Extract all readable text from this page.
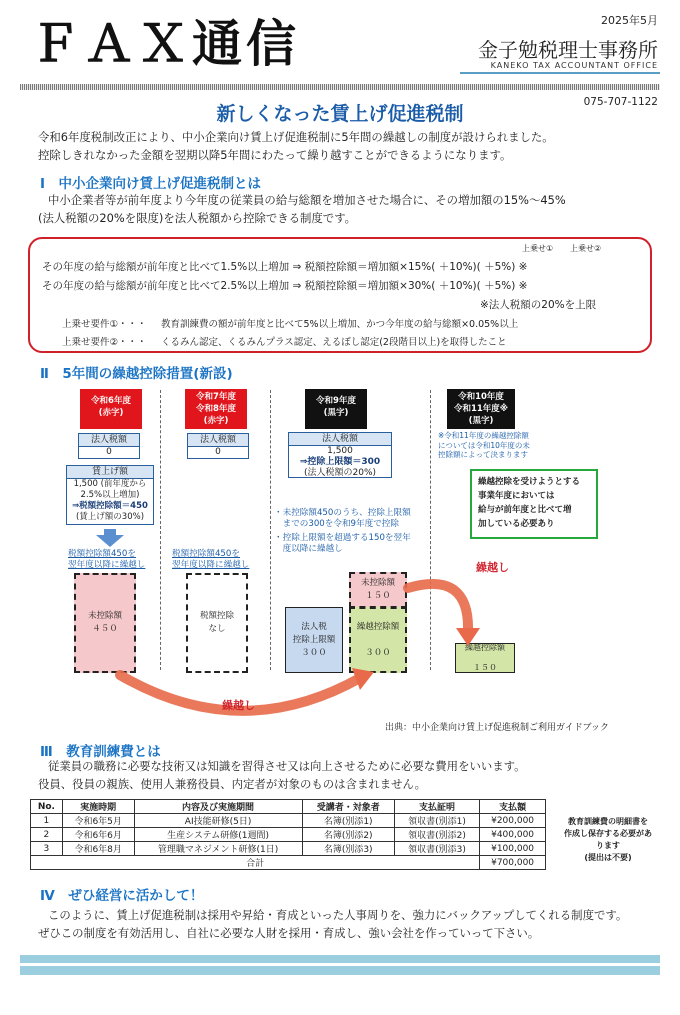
ＦＡＸ通信	2025年5月
金子勉税理士事務所
KANEKO TAX ACCOUNTANT OFFICE
075-707-1122
新しくなった賃上げ促進税制
令和6年度税制改正により、中小企業向け賃上げ促進税制に5年間の繰越しの制度が設けられました。
控除しきれなかった金額を翌期以降5年間にわたって繰り越すことができるようになります。
Ⅰ　中小企業向け賃上げ促進税制とは
中小企業者等が前年度より今年度の従業員の給与総額を増加させた場合に、その増加額の15%～45%
(法人税額の20%を限度)を法人税額から控除できる制度です。
上乗せ① 上乗せ②
その年度の給与総額が前年度と比べて1.5%以上増加 ⇒ 税額控除額＝増加額×15%( ＋10%)( ＋5%) ※
その年度の給与総額が前年度と比べて2.5%以上増加 ⇒ 税額控除額＝増加額×30%( ＋10%)( ＋5%) ※
※法人税額の20%を上限
上乗せ要件①・・・ 教育訓練費の額が前年度と比べて5%以上増加、かつ今年度の給与総額×0.05%以上
上乗せ要件②・・・ くるみん認定、くるみんプラス認定、えるぼし認定(2段階目以上)を取得したこと
Ⅱ　5年間の繰越控除措置(新設)
令和6年度
(赤字)
法人税額
0
賃上げ額
1,500 (前年度から
2.5%以上増加)
⇒税額控除額＝450
(賃上げ額の30%)
税額控除額450を
翌年度以降に繰越し
未控除額
４５０
令和7年度
令和8年度
(赤字)
法人税額
0
税額控除額450を
翌年度以降に繰越し
税額控除
なし
令和9年度
(黒字)
法人税額
1,500
⇒控除上限額＝300
(法人税額の20%)
・未控除額450のうち、控除上限額
　までの300を令和9年度で控除
・控除上限額を超過する150を翌年
　度以降に繰越し
未控除額
１５０
法人税
控除上限額
３００
繰越控除額

３００
令和10年度
令和11年度※
(黒字)
※令和11年度の繰越控除額
については令和10年度の未
控除額によって決まります
繰越控除を受けようとする
事業年度においては
給与が前年度と比べて増
加している必要あり
繰越控除額

１５０
繰越し
繰越し
出典：中小企業向け賃上げ促進税制ご利用ガイドブック
Ⅲ　教育訓練費とは
従業員の職務に必要な技術又は知識を習得させ又は向上させるために必要な費用をいいます。
役員、役員の親族、使用人兼務役員、内定者が対象のものは含まれません。
No.	実施時期	内容及び実施期間	受講者・対象者	支払証明	支払額
1	令和6年5月	AI技能研修(5日)	名簿(別添1)	領収書(別添1)	¥200,000
2	令和6年6月	生産システム研修(1週間)	名簿(別添2)	領収書(別添2)	¥400,000
3	令和6年8月	管理職マネジメント研修(1日)	名簿(別添3)	領収書(別添3)	¥100,000
合計					¥700,000
教育訓練費の明細書を
作成し保存する必要があ
ります
(提出は不要)
Ⅳ　ぜひ経営に活かして！
このように、賃上げ促進税制は採用や昇給・育成といった人事周りを、強力にバックアップしてくれる制度です。
ぜひこの制度を有効活用し、自社に必要な人財を採用・育成し、強い会社を作っていって下さい。
